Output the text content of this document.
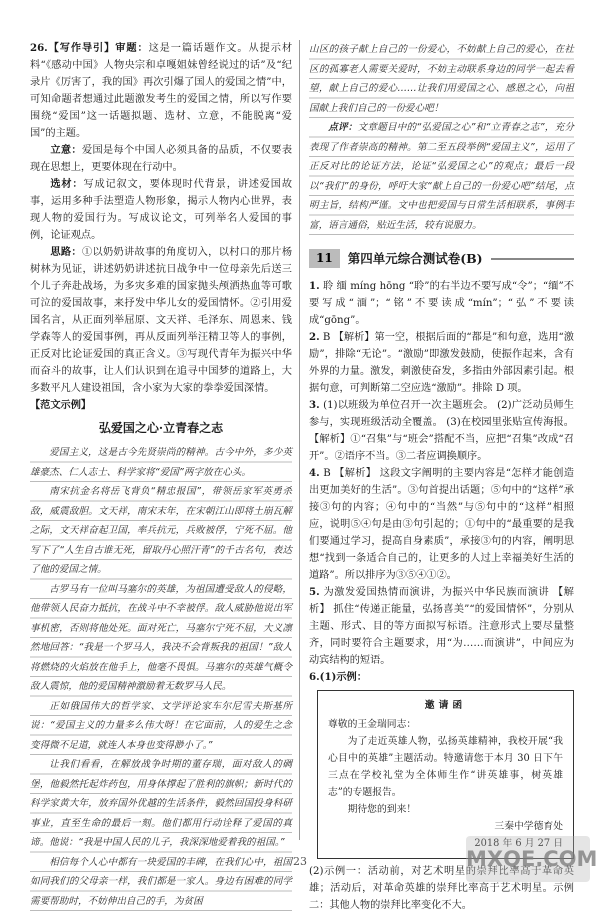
26.【写作导引】审题：这是一篇话题作文。从提示材料“《感动中国》人物央宗和卓嘎姐妹曾经说过的话”及“纪录片《厉害了，我的国》再次引爆了国人的爱国之情”中，可知命题者想通过此题激发考生的爱国之情，所以写作要围绕“爱国”这一话题拟题、选材、立意，不能脱离“爱国”的主题。

立意：爱国是每个中国人必须具备的品质，不仅要表现在思想上，更要体现在行动中。

选材：写成记叙文，要体现时代背景，讲述爱国故事，运用多种手法塑造人物形象，揭示人物内心世界，表现人物的爱国行为。写成议论文，可列举名人爱国的事例，论证观点。

思路：①以奶奶讲故事的角度切入，以村口的那片杨树林为见证，讲述奶奶讲述抗日战争中一位母亲先后送三个儿子奔赴战场，为多灾多难的国家抛头颅洒热血等可歌可泣的爱国故事，来抒发中华儿女的爱国情怀。②引用爱国名言，从正面列举屈原、文天祥、毛泽东、周恩来、钱学森等人的爱国事例，再从反面列举汪精卫等人的事例，正反对比论证爱国的真正含义。③写现代青年为振兴中华而奋斗的故事，让人们认识到在追寻中国梦的道路上，大多数平凡人建设祖国，含小家为大家的拳拳爱国深情。

【范文示例】

弘爱国之心·立青春之志

爱国主义，这是古今先贤崇尚的精神。古今中外，多少英雄豪杰、仁人志士、科学家将“爱国”两字放在心头。

南宋抗金名将岳飞背负“精忠报国”，带领岳家军英勇杀敌，威震敌胆。文天祥，南宋末年，在宋朝江山即将土崩瓦解之际，文天祥奋起卫国，率兵抗元，兵败被俘，宁死不屈。他写下了“人生自古谁无死，留取丹心照汗青”的千古名句，表达了他的爱国之情。

古罗马有一位叫马塞尔的英雄，为祖国遭受敌人的侵略，他带领人民奋力抵抗，在战斗中不幸被俘。敌人威胁他说出军事机密，否则将他处死。面对死亡，马塞尔宁死不屈，大义凛然地回答：“我是一个罗马人，我决不会背叛我的祖国！”敌人将燃烧的火焰放在他手上，他毫不畏惧。马塞尔的英雄气概令敌人震惊，他的爱国精神激励着无数罗马人民。

正如俄国伟大的哲学家、文学评论家车尔尼雪夫斯基所说：“爱国主义的力量多么伟大呀！在它面前，人的爱生之念变得微不足道，就连人本身也变得渺小了。”

让我们看看，在解放战争时期的董存瑞，面对敌人的碉堡，他毅然托起炸药包，用身体撑起了胜利的旗帜；新时代的科学家黄大年，放弃国外优越的生活条件，毅然回国投身科研事业，直至生命的最后一刻。他们都用行动诠释了爱国的真谛。他说：“我是中国人民的儿子，我深深地爱着我的祖国。”

相信每个人心中都有一块爱国的丰碑，在我们心中，祖国如同我们的父母亲一样，我们都是一家人。身边有困难的同学需要帮助时，不妨伸出自己的手，为贫困

山区的孩子献上自己的一份爱心，不妨献上自己的爱心，在社区的孤寡老人需要关爱时，不妨主动联系身边的同学一起去看望，献上自己的爱心……让我们用爱国之心、感恩之心，向祖国献上我们自己的一份爱心吧！

点评：文章题目中的“弘爱国之心”和“立青春之志”，充分表现了作者崇高的精神。第二至五段举例“爱国主义”，运用了正反对比的论证方法，论证“弘爱国之心”的观点；最后一段以“我们”的身份，呼吁大家“献上自己的一份爱心吧”结尾，点明主旨，结构严谨。文中也把爱国与日常生活相联系，事例丰富，语言通俗，贴近生活，较有说服力。

11	第四单元综合测试卷(B)

1. 聆 缅 míng hōng “聆”的右半边不要写成“令”；“缅”不要写成“湎”；“铭”不要读成“mín”；“弘”不要读成“gōng”。

2. B 【解析】第一空，根据后面的“都是”和句意，选用“激励”，排除“无论”。“激励”即激发鼓励，使振作起来，含有外界的力量。激发，刺激使奋发，多指由外部因素引起。根据句意，可判断第二空应选“激励”。排除 D 项。

3. (1)以班级为单位召开一次主题班会。 (2)广泛动员师生参与，实现班级活动全覆盖。 (3)在校园里张贴宣传海报。 【解析】①“召集”与“班会”搭配不当，应把“召集”改成“召开”。②语序不当。③二者应调换顺序。

4. B 【解析】 这段文字阐明的主要内容是“怎样才能创造出更加美好的生活”。③句首提出话题；⑤句中的“这样”承接③句的内容；④句中的“当然”与⑤句中的“这样”相照应，说明⑤④句是由③句引起的；①句中的“最重要的是我们要通过学习，提高自身素质”，承接③句的内容，阐明思想“找到一条适合自己的，让更多的人过上幸福美好生活的道路”。所以排序为③⑤④①②。

5. 为激发爱国热情而演讲，为振兴中华民族而演讲 【解析】 抓住“传递正能量，弘扬喜美”“的爱国情怀”，分别从主题、形式、目的等方面拟写标语。注意形式上要尽量整齐，同时要符合主题要求，用“为……而演讲”，中间应为动宾结构的短语。

6.(1)示例：

邀请函

尊敬的王金瑞同志：

为了走近英雄人物，弘扬英雄精神，我校开展“我心目中的英雄”主题活动。特邀请您于本月 30 日下午三点在学校礼堂为全体师生作“讲英雄事，树英雄志”的专题报告。

期待您的到来！

三秦中学德育处

2018 年 6 月 27 日

(2)示例一：活动前，对艺术明星的崇拜比率高于革命英雄；活动后，对革命英雄的崇拜比率高于艺术明星。示例二：其他人物的崇拜比率变化不大。

23	MXQE.COM
